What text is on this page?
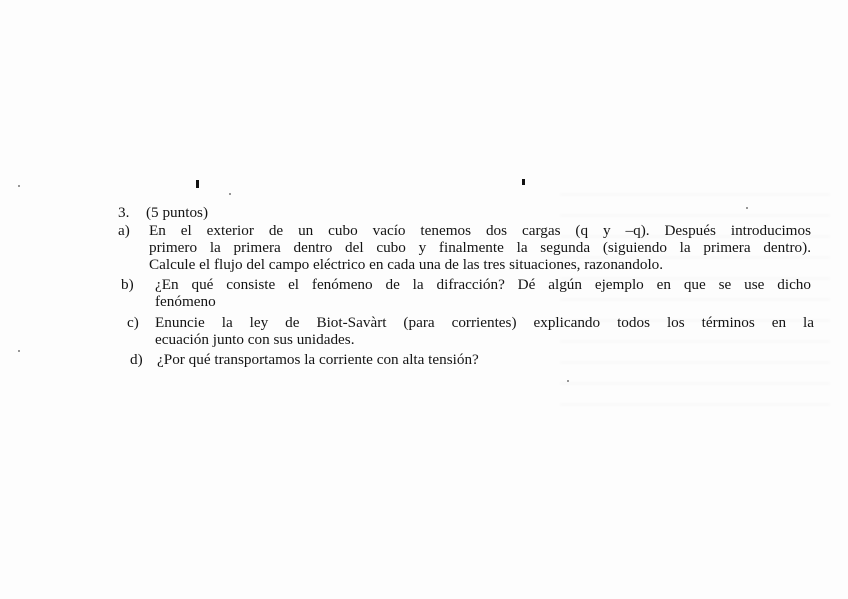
3.	(5 puntos)
a) En el exterior de un cubo vacío tenemos dos cargas (q y –q). Después introducimos
primero la primera dentro del cubo y finalmente la segunda (siguiendo la primera dentro).
Calcule el flujo del campo eléctrico en cada una de las tres situaciones, razonandolo.
b) ¿En qué consiste el fenómeno de la difracción? Dé algún ejemplo en que se use dicho
fenómeno
c) Enuncie la ley de Biot-Savàrt (para corrientes) explicando todos los términos en la
ecuación junto con sus unidades.
d) ¿Por qué transportamos la corriente con alta tensión?
